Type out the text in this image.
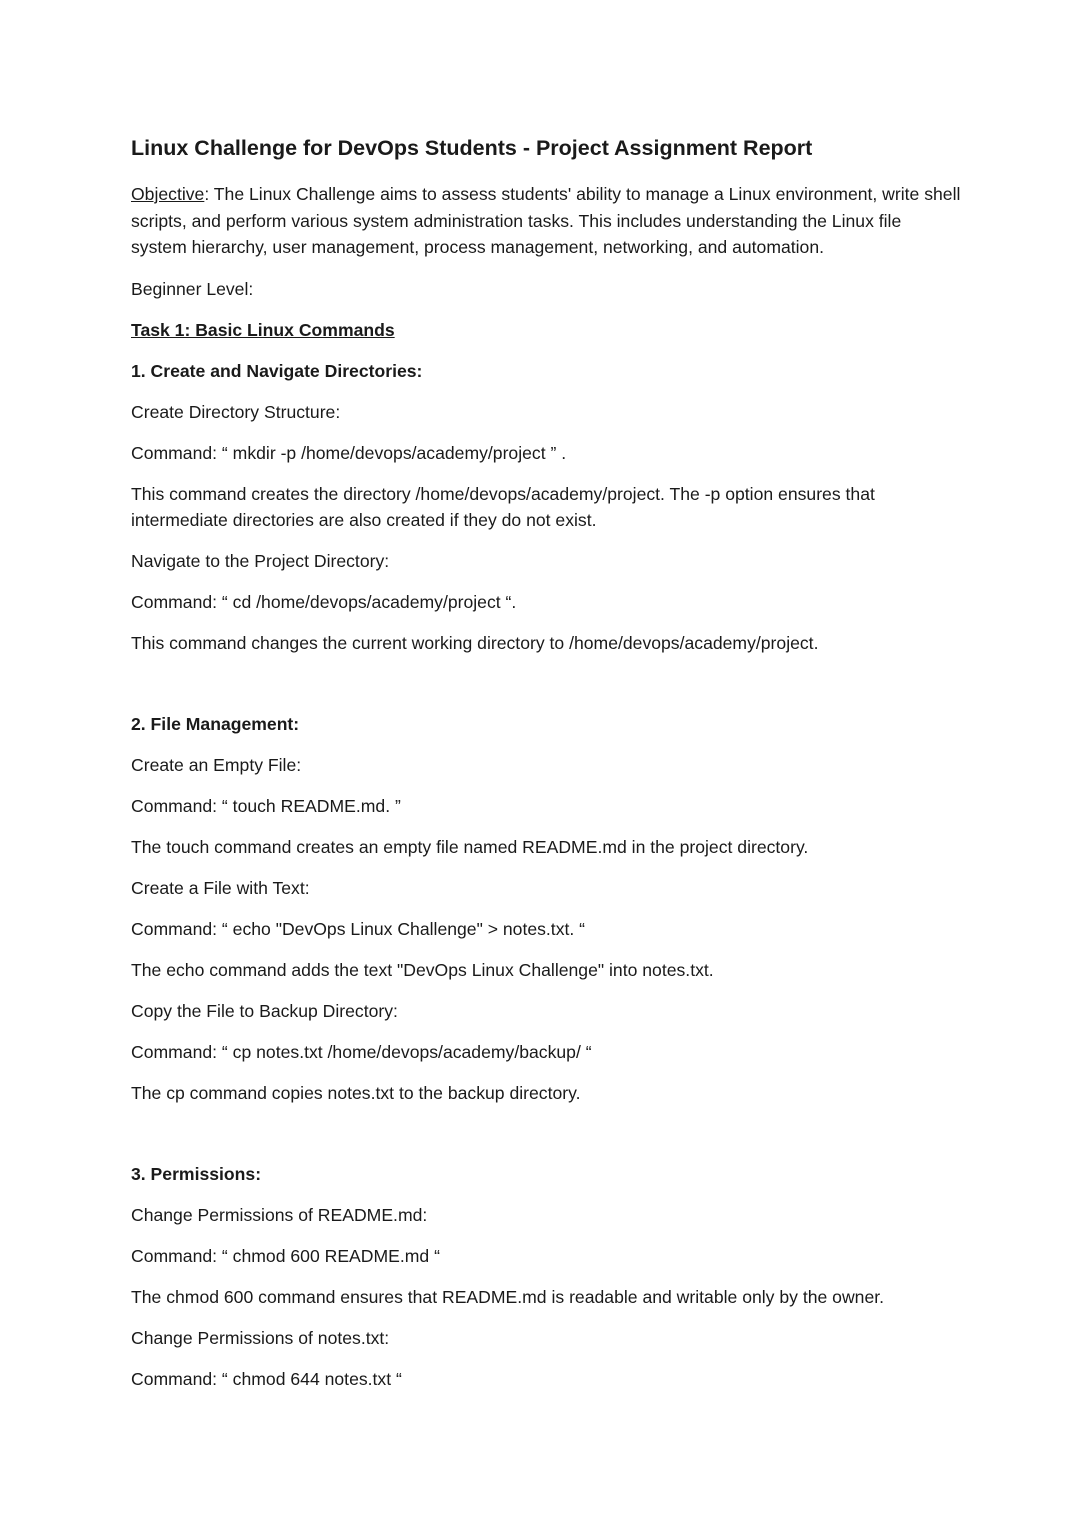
Linux Challenge for DevOps Students - Project Assignment Report

Objective: The Linux Challenge aims to assess students' ability to manage a Linux environment, write shell scripts, and perform various system administration tasks. This includes understanding the Linux file system hierarchy, user management, process management, networking, and automation.

Beginner Level:

Task 1: Basic Linux Commands

1. Create and Navigate Directories:

Create Directory Structure:

Command: “ mkdir -p /home/devops/academy/project ” .

This command creates the directory /home/devops/academy/project. The -p option ensures that intermediate directories are also created if they do not exist.

Navigate to the Project Directory:

Command: “ cd /home/devops/academy/project “.

This command changes the current working directory to /home/devops/academy/project.

2. File Management:

Create an Empty File:

Command: “ touch README.md. ”

The touch command creates an empty file named README.md in the project directory.

Create a File with Text:

Command: “ echo "DevOps Linux Challenge" > notes.txt. “

The echo command adds the text "DevOps Linux Challenge" into notes.txt.

Copy the File to Backup Directory:

Command: “ cp notes.txt /home/devops/academy/backup/ “

The cp command copies notes.txt to the backup directory.

3. Permissions:

Change Permissions of README.md:

Command: “ chmod 600 README.md “

The chmod 600 command ensures that README.md is readable and writable only by the owner.

Change Permissions of notes.txt:

Command: “ chmod 644 notes.txt “
